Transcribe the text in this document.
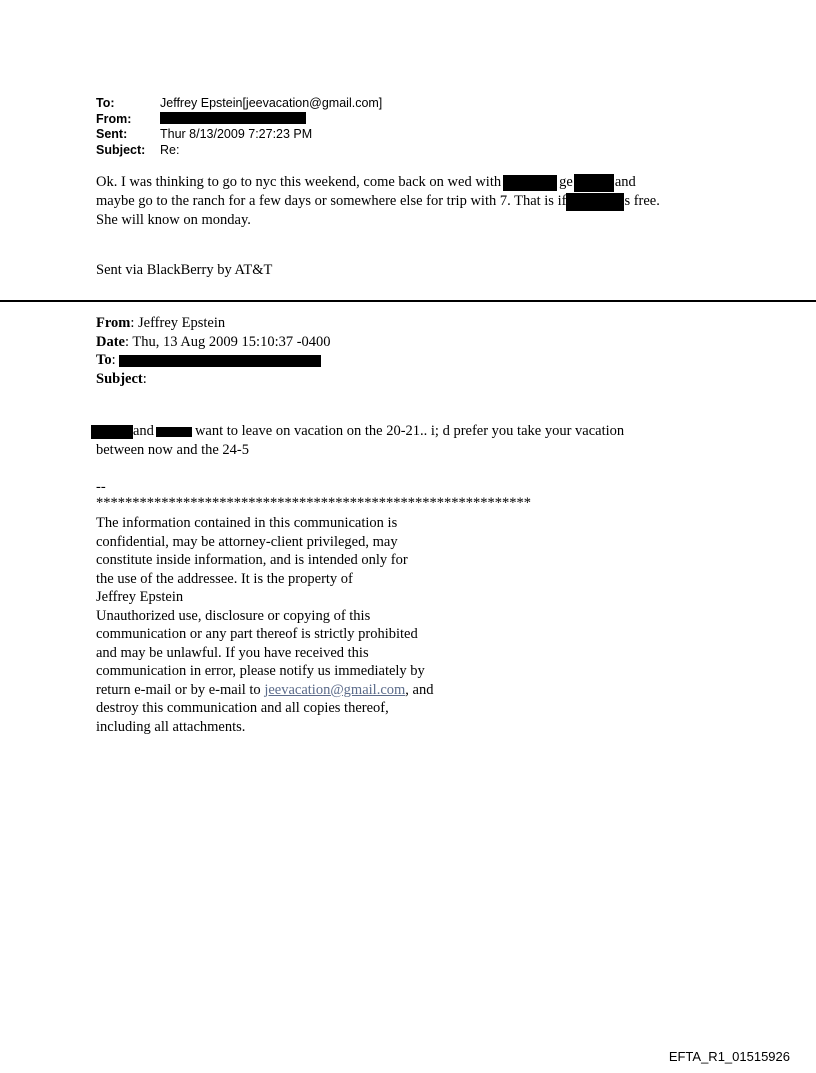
To:	Jeffrey Epstein[jeevacation@gmail.com]
From:
Sent:	Thur 8/13/2009 7:27:23 PM
Subject:	Re:
Ok. I was thinking to go to nyc this weekend, come back on wed with	ge	and
maybe go to the ranch for a few days or somewhere else for trip with 7. That is if	s free.
She will know on monday.
Sent via BlackBerry by AT&T
From: Jeffrey Epstein
Date: Thu, 13 Aug 2009 15:10:37 -0400
To:
Subject:
and	want to leave on vacation on the 20-21.. i; d prefer you take your vacation
between now and the 24-5
--
************************************************************
The information contained in this communication is
confidential, may be attorney-client privileged, may
constitute inside information, and is intended only for
the use of the addressee. It is the property of
Jeffrey Epstein
Unauthorized use, disclosure or copying of this
communication or any part thereof is strictly prohibited
and may be unlawful. If you have received this
communication in error, please notify us immediately by
return e-mail or by e-mail to jeevacation@gmail.com, and
destroy this communication and all copies thereof,
including all attachments.
EFTA_R1_01515926
